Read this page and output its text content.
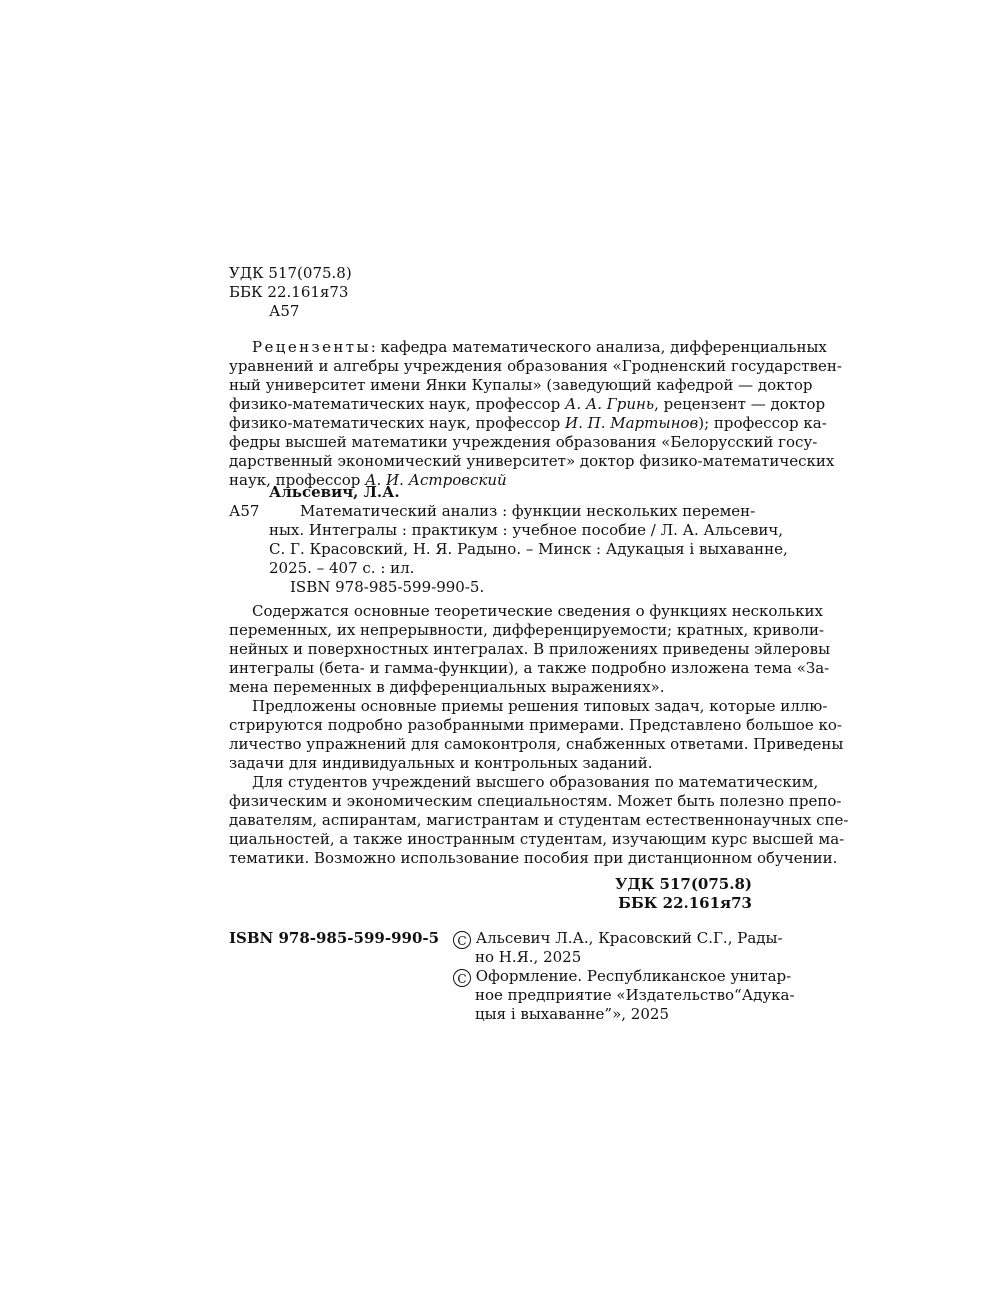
УДК 517(075.8)
ББК 22.161я73
А57
Рецензенты: кафедра математического анализа, дифференциальных
уравнений и алгебры учреждения образования «Гродненский государствен-
ный университет имени Янки Купалы» (заведующий кафедрой — доктор
физико-математических наук, профессор А. А. Гринь, рецензент — доктор
физико-математических наук, профессор И. П. Мартынов); профессор ка-
федры высшей математики учреждения образования «Белорусский госу-
дарственный экономический университет» доктор физико-математических
наук, профессор А. И. Астровский
Альсевич, Л.А.
А57	Математический анализ : функции нескольких перемен-
ных. Интегралы : практикум : учебное пособие / Л. А. Альсевич,
С. Г. Красовский, Н. Я. Радыно. – Минск : Адукацыя і выхаванне,
2025. – 407 с. : ил.
ISBN 978-985-599-990-5.
Содержатся основные теоретические сведения о функциях нескольких
переменных, их непрерывности, дифференцируемости; кратных, криволи-
нейных и поверхностных интегралах. В приложениях приведены эйлеровы
интегралы (бета- и гамма-функции), а также подробно изложена тема «За-
мена переменных в дифференциальных выражениях».
Предложены основные приемы решения типовых задач, которые иллю-
стрируются подробно разобранными примерами. Представлено большое ко-
личество упражнений для самоконтроля, снабженных ответами. Приведены
задачи для индивидуальных и контрольных заданий.
Для студентов учреждений высшего образования по математическим,
физическим и экономическим специальностям. Может быть полезно препо-
давателям, аспирантам, магистрантам и студентам естественнонаучных спе-
циальностей, а также иностранным студентам, изучающим курс высшей ма-
тематики. Возможно использование пособия при дистанционном обучении.
УДК 517(075.8)
ББК 22.161я73
ISBN 978-985-599-990-5	C Альсевич Л.А., Красовский С.Г., Рады-
но Н.Я., 2025
C Оформление. Республиканское унитар-
ное предприятие «Издательство“Адука-
цыя і выхаванне”», 2025
